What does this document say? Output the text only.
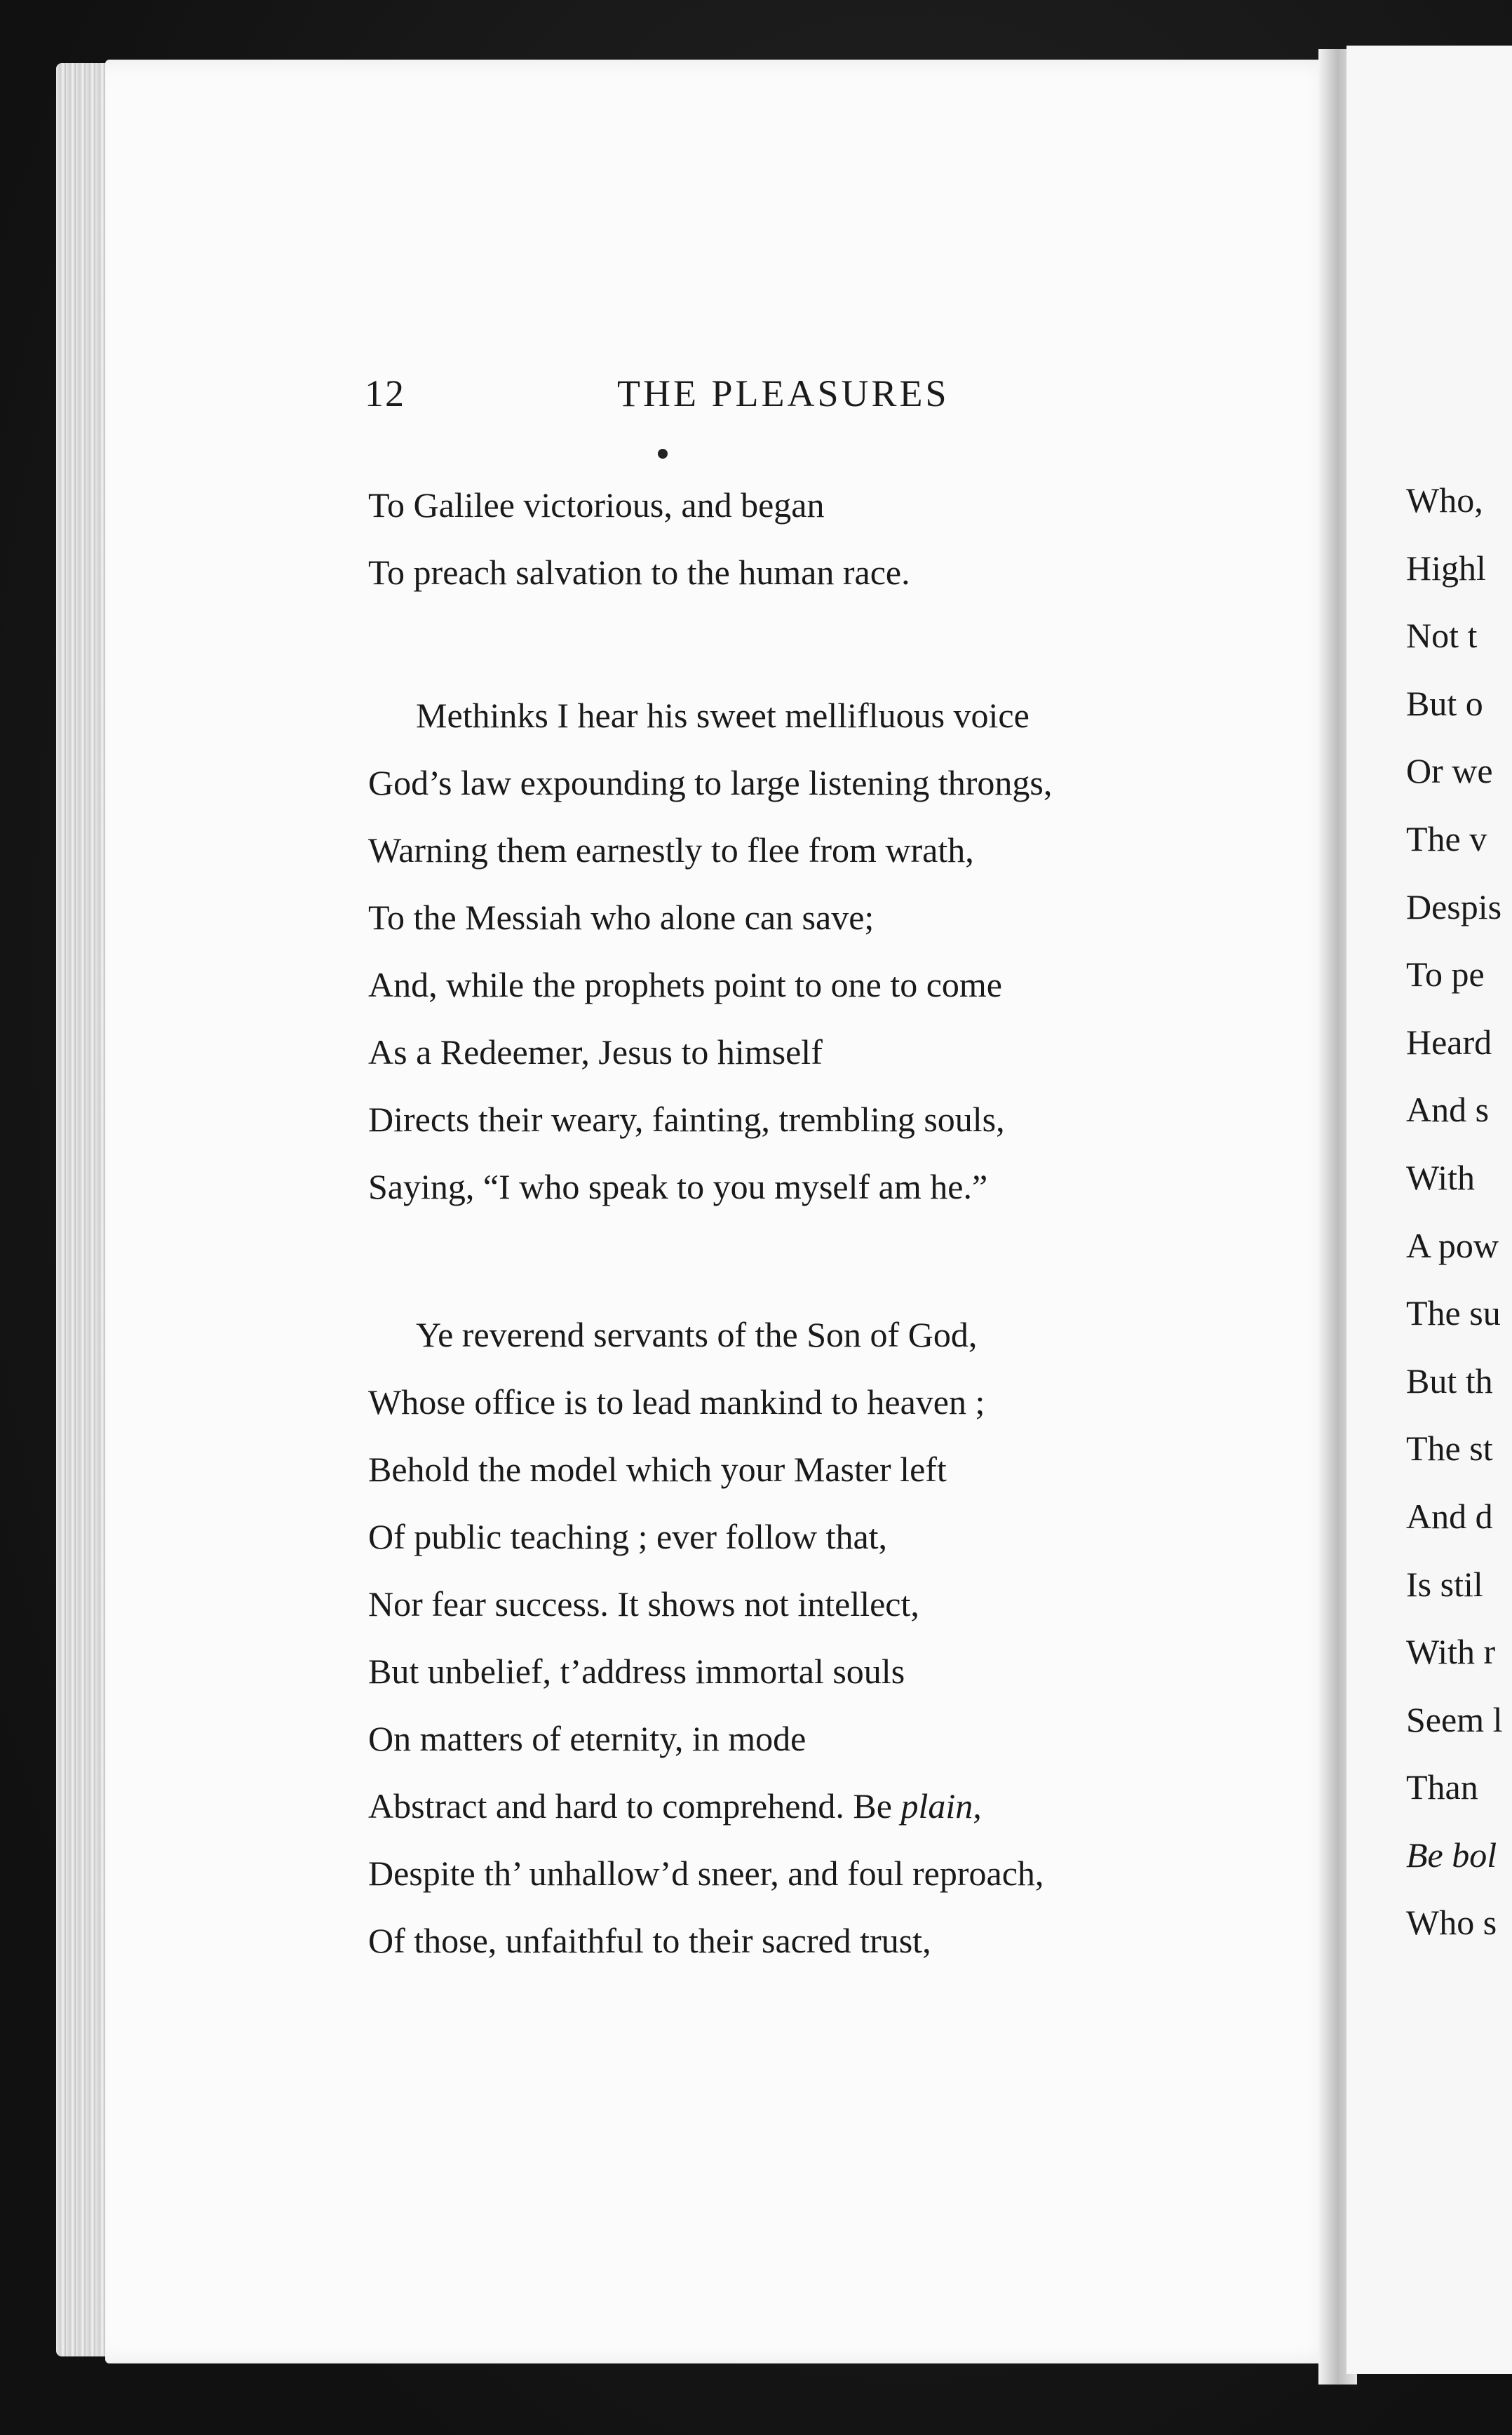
12	THE PLEASURES
To Galilee victorious, and began
To preach salvation to the human race.
Methinks I hear his sweet mellifluous voice
God’s law expounding to large listening throngs,
Warning them earnestly to flee from wrath,
To the Messiah who alone can save;
And, while the prophets point to one to come
As a Redeemer, Jesus to himself
Directs their weary, fainting, trembling souls,
Saying, “I who speak to you myself am he.”
Ye reverend servants of the Son of God,
Whose office is to lead mankind to heaven ;
Behold the model which your Master left
Of public teaching ; ever follow that,
Nor fear success. It shows not intellect,
But unbelief, t’address immortal souls
On matters of eternity, in mode
Abstract and hard to comprehend. Be plain,
Despite th’ unhallow’d sneer, and foul reproach,
Of those, unfaithful to their sacred trust,
Who,
Highl
Not t
But o
Or we
The v
Despis
To pe
Heard
And s
With
A pow
The su
But th
The st
And d
Is stil
With r
Seem l
Than
Be bol
Who s
